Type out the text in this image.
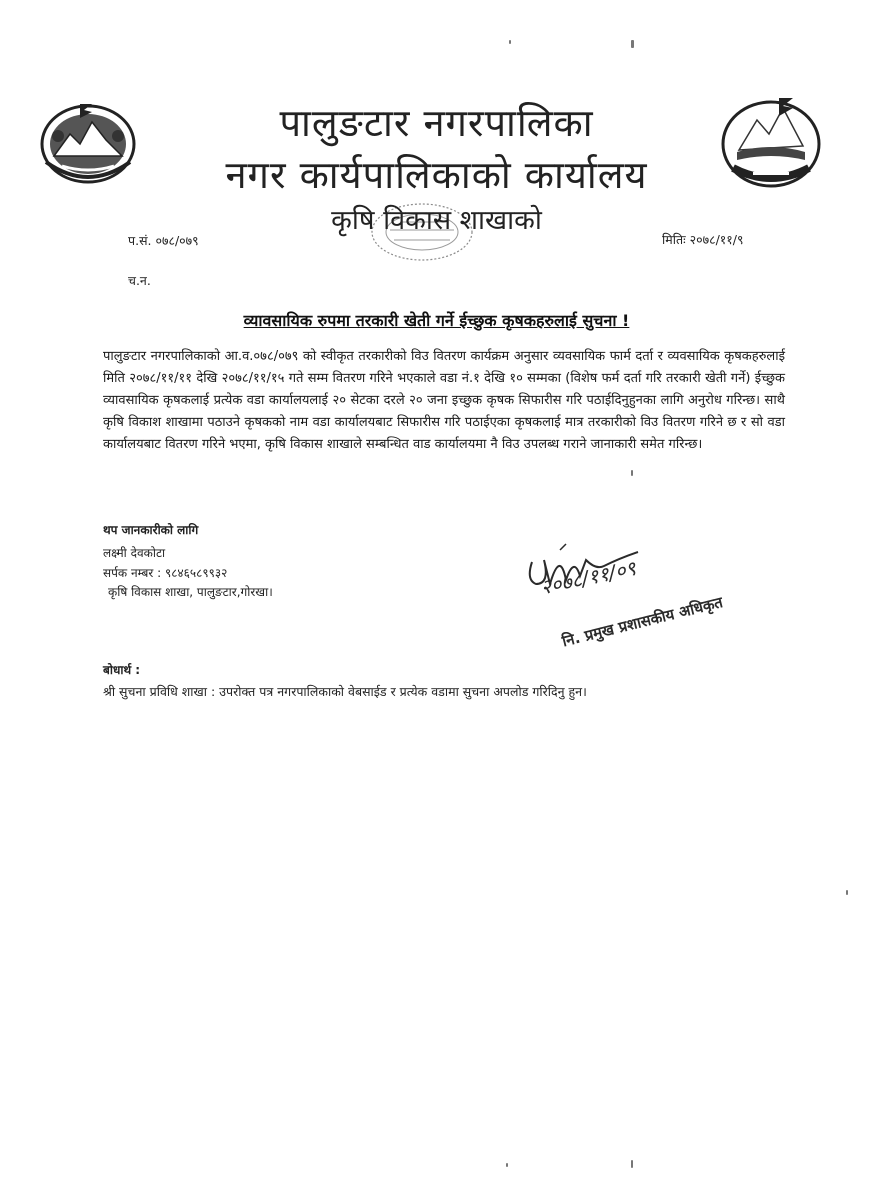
पालुङटार नगरपालिका
नगर कार्यपालिकाको कार्यालय
कृषि विकास शाखाको
प.सं. ०७८/०७९	मितिः २०७८/११/९
च.न.
व्यावसायिक रुपमा तरकारी खेती गर्ने ईच्छुक कृषकहरुलाई सुचना !
पालुङटार नगरपालिकाको आ.व.०७८/०७९ को स्वीकृत तरकारीको विउ वितरण कार्यक्रम अनुसार व्यवसायिक फार्म दर्ता र व्यवसायिक कृषकहरुलाई मिति २०७८/११/११ देखि २०७८/११/१५ गते सम्म वितरण गरिने भएकाले वडा नं.१ देखि १० सम्मका (विशेष फर्म दर्ता गरि तरकारी खेती गर्ने) ईच्छुक व्यावसायिक कृषकलाई प्रत्येक वडा कार्यालयलाई २० सेटका दरले २० जना इच्छुक कृषक सिफारीस गरि पठाईदिनुहुनका लागि अनुरोध गरिन्छ। साथै कृषि विकाश शाखामा पठाउने कृषकको नाम वडा कार्यालयबाट सिफारीस गरि पठाईएका कृषकलाई मात्र तरकारीको विउ वितरण गरिने छ र सो वडा कार्यालयबाट वितरण गरिने भएमा, कृषि विकास शाखाले सम्बन्धित वाड कार्यालयमा नै विउ उपलब्ध गराने जानाकारी समेत गरिन्छ।
थप जानकारीको लागि
लक्ष्मी देवकोटा
सर्पक नम्बर : ९८४६५८९९३२
कृषि विकास शाखा, पालुङटार,गोरखा।	२०७८/११/०९
नि. प्रमुख प्रशासकीय अधिकृत
बोधार्थ :
श्री सुचना प्रविधि शाखा : उपरोक्त पत्र नगरपालिकाको वेबसाईड र प्रत्येक वडामा सुचना अपलोड गरिदिनु हुन।
